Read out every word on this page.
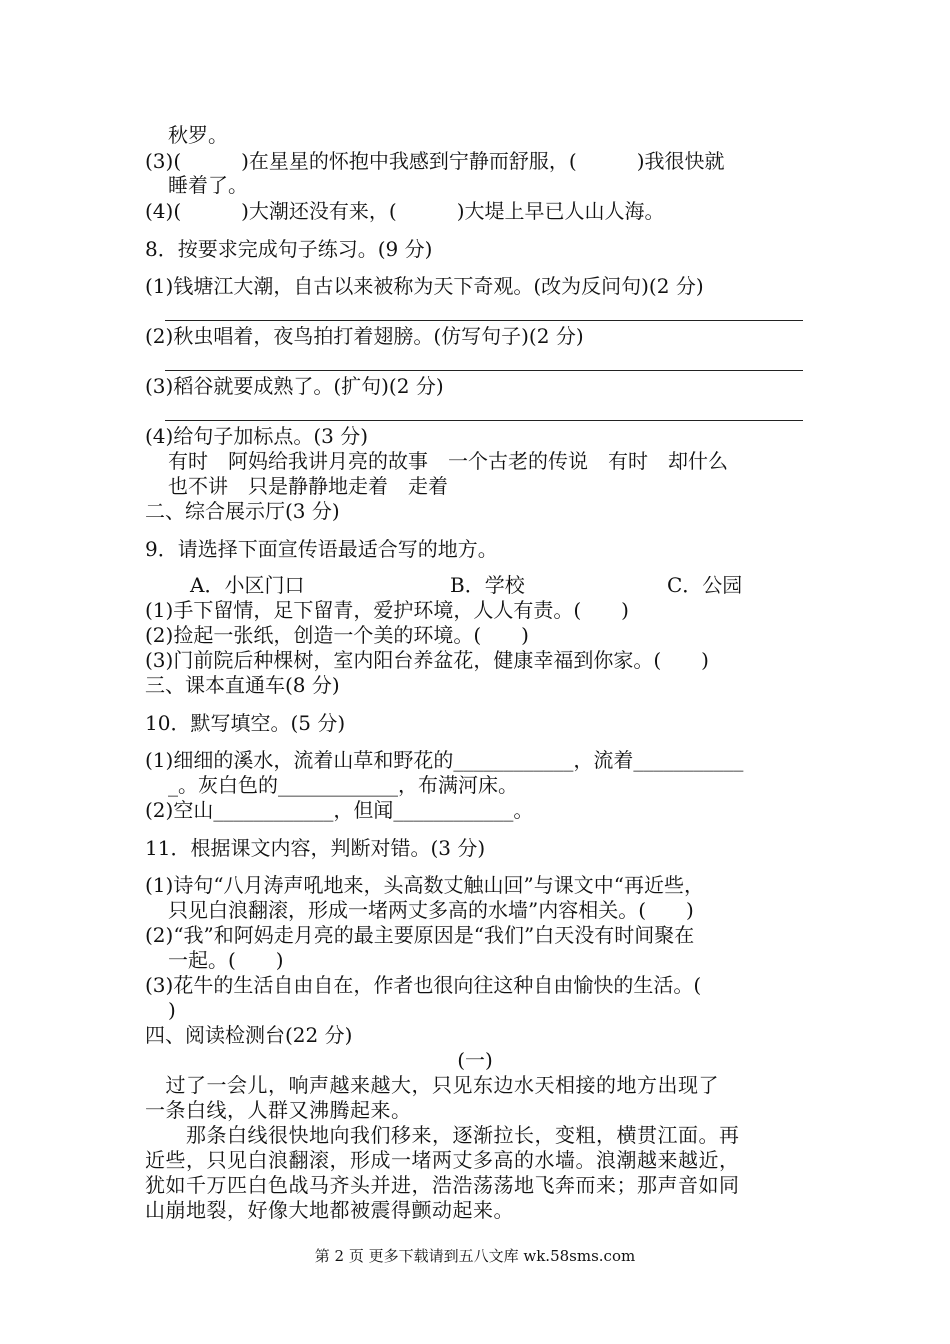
秋罗。
(3)(　　　)在星星的怀抱中我感到宁静而舒服，(　　　)我很快就
睡着了。
(4)(　　　)大潮还没有来，(　　　)大堤上早已人山人海。
8．按要求完成句子练习。(9 分)
(1)钱塘江大潮，自古以来被称为天下奇观。(改为反问句)(2 分)
(2)秋虫唱着，夜鸟拍打着翅膀。(仿写句子)(2 分)
(3)稻谷就要成熟了。(扩句)(2 分)
(4)给句子加标点。(3 分)
有时　阿妈给我讲月亮的故事　一个古老的传说　有时　却什么
也不讲　只是静静地走着　走着
二、综合展示厅(3 分)
9．请选择下面宣传语最适合写的地方。
A．小区门口	B．学校	C．公园
(1)手下留情，足下留青，爱护环境，人人有责。(　　)
(2)捡起一张纸，创造一个美的环境。(　　)
(3)门前院后种棵树，室内阳台养盆花，健康幸福到你家。(　　)
三、课本直通车(8 分)
10．默写填空。(5 分)
(1)细细的溪水，流着山草和野花的____________，流着___________
_。灰白色的____________，布满河床。
(2)空山____________，但闻____________。
11．根据课文内容，判断对错。(3 分)
(1)诗句“八月涛声吼地来，头高数丈触山回”与课文中“再近些，
只见白浪翻滚，形成一堵两丈多高的水墙”内容相关。(　　)
(2)“我”和阿妈走月亮的最主要原因是“我们”白天没有时间聚在
一起。(　　)
(3)花牛的生活自由自在，作者也很向往这种自由愉快的生活。(
)
四、阅读检测台(22 分)
(一)
　过了一会儿，响声越来越大，只见东边水天相接的地方出现了
一条白线，人群又沸腾起来。
　　那条白线很快地向我们移来，逐渐拉长，变粗，横贯江面。再
近些，只见白浪翻滚，形成一堵两丈多高的水墙。浪潮越来越近，
犹如千万匹白色战马齐头并进，浩浩荡荡地飞奔而来；那声音如同
山崩地裂，好像大地都被震得颤动起来。
第 2 页 更多下载请到五八文库 wk.58sms.com
